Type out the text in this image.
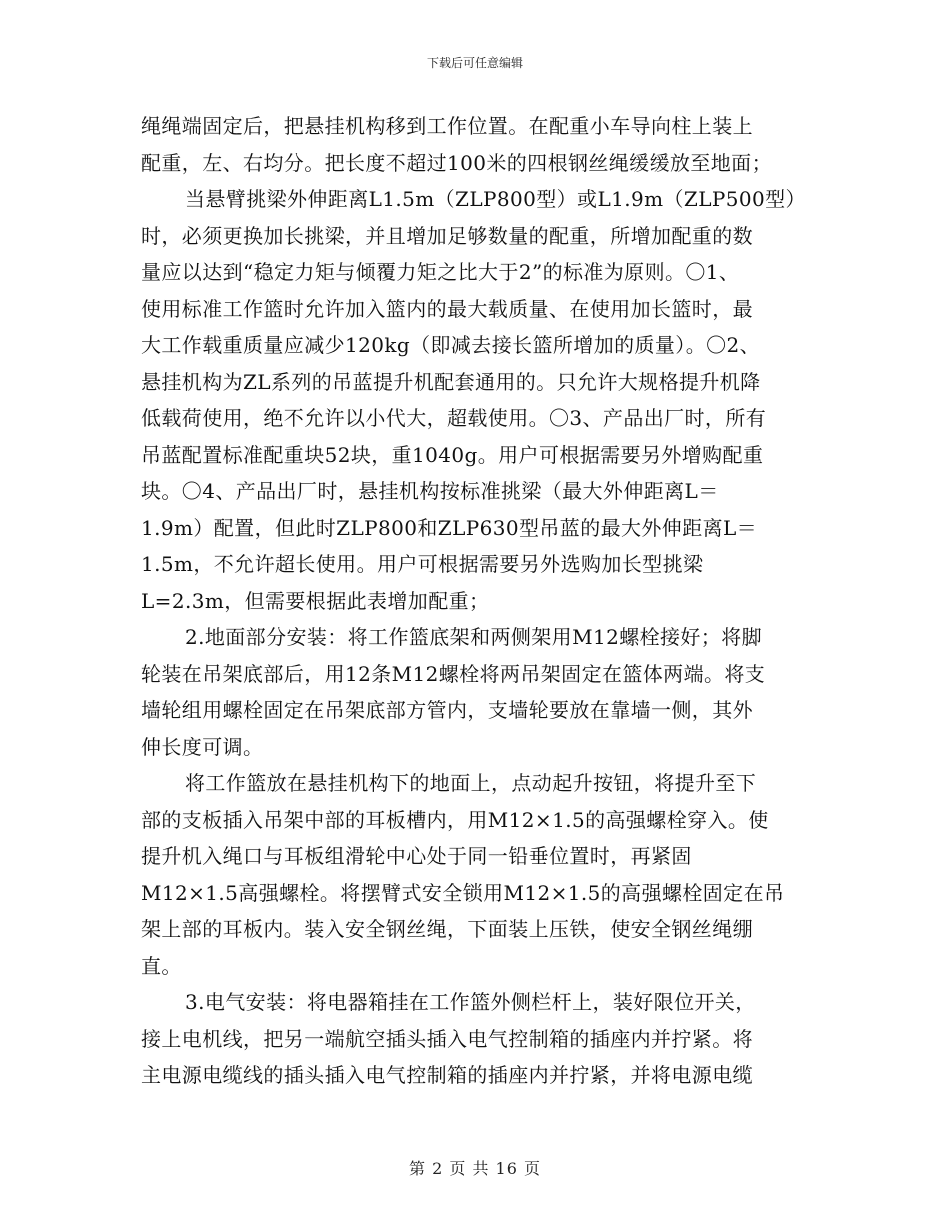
下载后可任意编辑
绳绳端固定后，把悬挂机构移到工作位置。在配重小车导向柱上装上
配重，左、右均分。把长度不超过100米的四根钢丝绳缓缓放至地面；
当悬臂挑梁外伸距离L1.5m（ZLP800型）或L1.9m（ZLP500型）
时，必须更换加长挑梁，并且增加足够数量的配重，所增加配重的数
量应以达到“稳定力矩与倾覆力矩之比大于2”的标准为原则。〇1、
使用标准工作篮时允许加入篮内的最大载质量、在使用加长篮时，最
大工作载重质量应减少120kg（即减去接长篮所增加的质量）。〇2、
悬挂机构为ZL系列的吊蓝提升机配套通用的。只允许大规格提升机降
低载荷使用，绝不允许以小代大，超载使用。〇3、产品出厂时，所有
吊蓝配置标准配重块52块，重1040g。用户可根据需要另外增购配重
块。〇4、产品出厂时，悬挂机构按标准挑梁（最大外伸距离L＝
1.9m）配置，但此时ZLP800和ZLP630型吊蓝的最大外伸距离L＝
1.5m，不允许超长使用。用户可根据需要另外选购加长型挑梁
L=2.3m，但需要根据此表增加配重；
2.地面部分安装：将工作篮底架和两侧架用M12螺栓接好；将脚
轮装在吊架底部后，用12条M12螺栓将两吊架固定在篮体两端。将支
墙轮组用螺栓固定在吊架底部方管内，支墙轮要放在靠墙一侧，其外
伸长度可调。
将工作篮放在悬挂机构下的地面上，点动起升按钮，将提升至下
部的支板插入吊架中部的耳板槽内，用M12×1.5的高强螺栓穿入。使
提升机入绳口与耳板组滑轮中心处于同一铅垂位置时，再紧固
M12×1.5高强螺栓。将摆臂式安全锁用M12×1.5的高强螺栓固定在吊
架上部的耳板内。装入安全钢丝绳，下面装上压铁，使安全钢丝绳绷
直。
3.电气安装：将电器箱挂在工作篮外侧栏杆上，装好限位开关，
接上电机线，把另一端航空插头插入电气控制箱的插座内并拧紧。将
主电源电缆线的插头插入电气控制箱的插座内并拧紧，并将电源电缆
第 2 页 共 16 页
